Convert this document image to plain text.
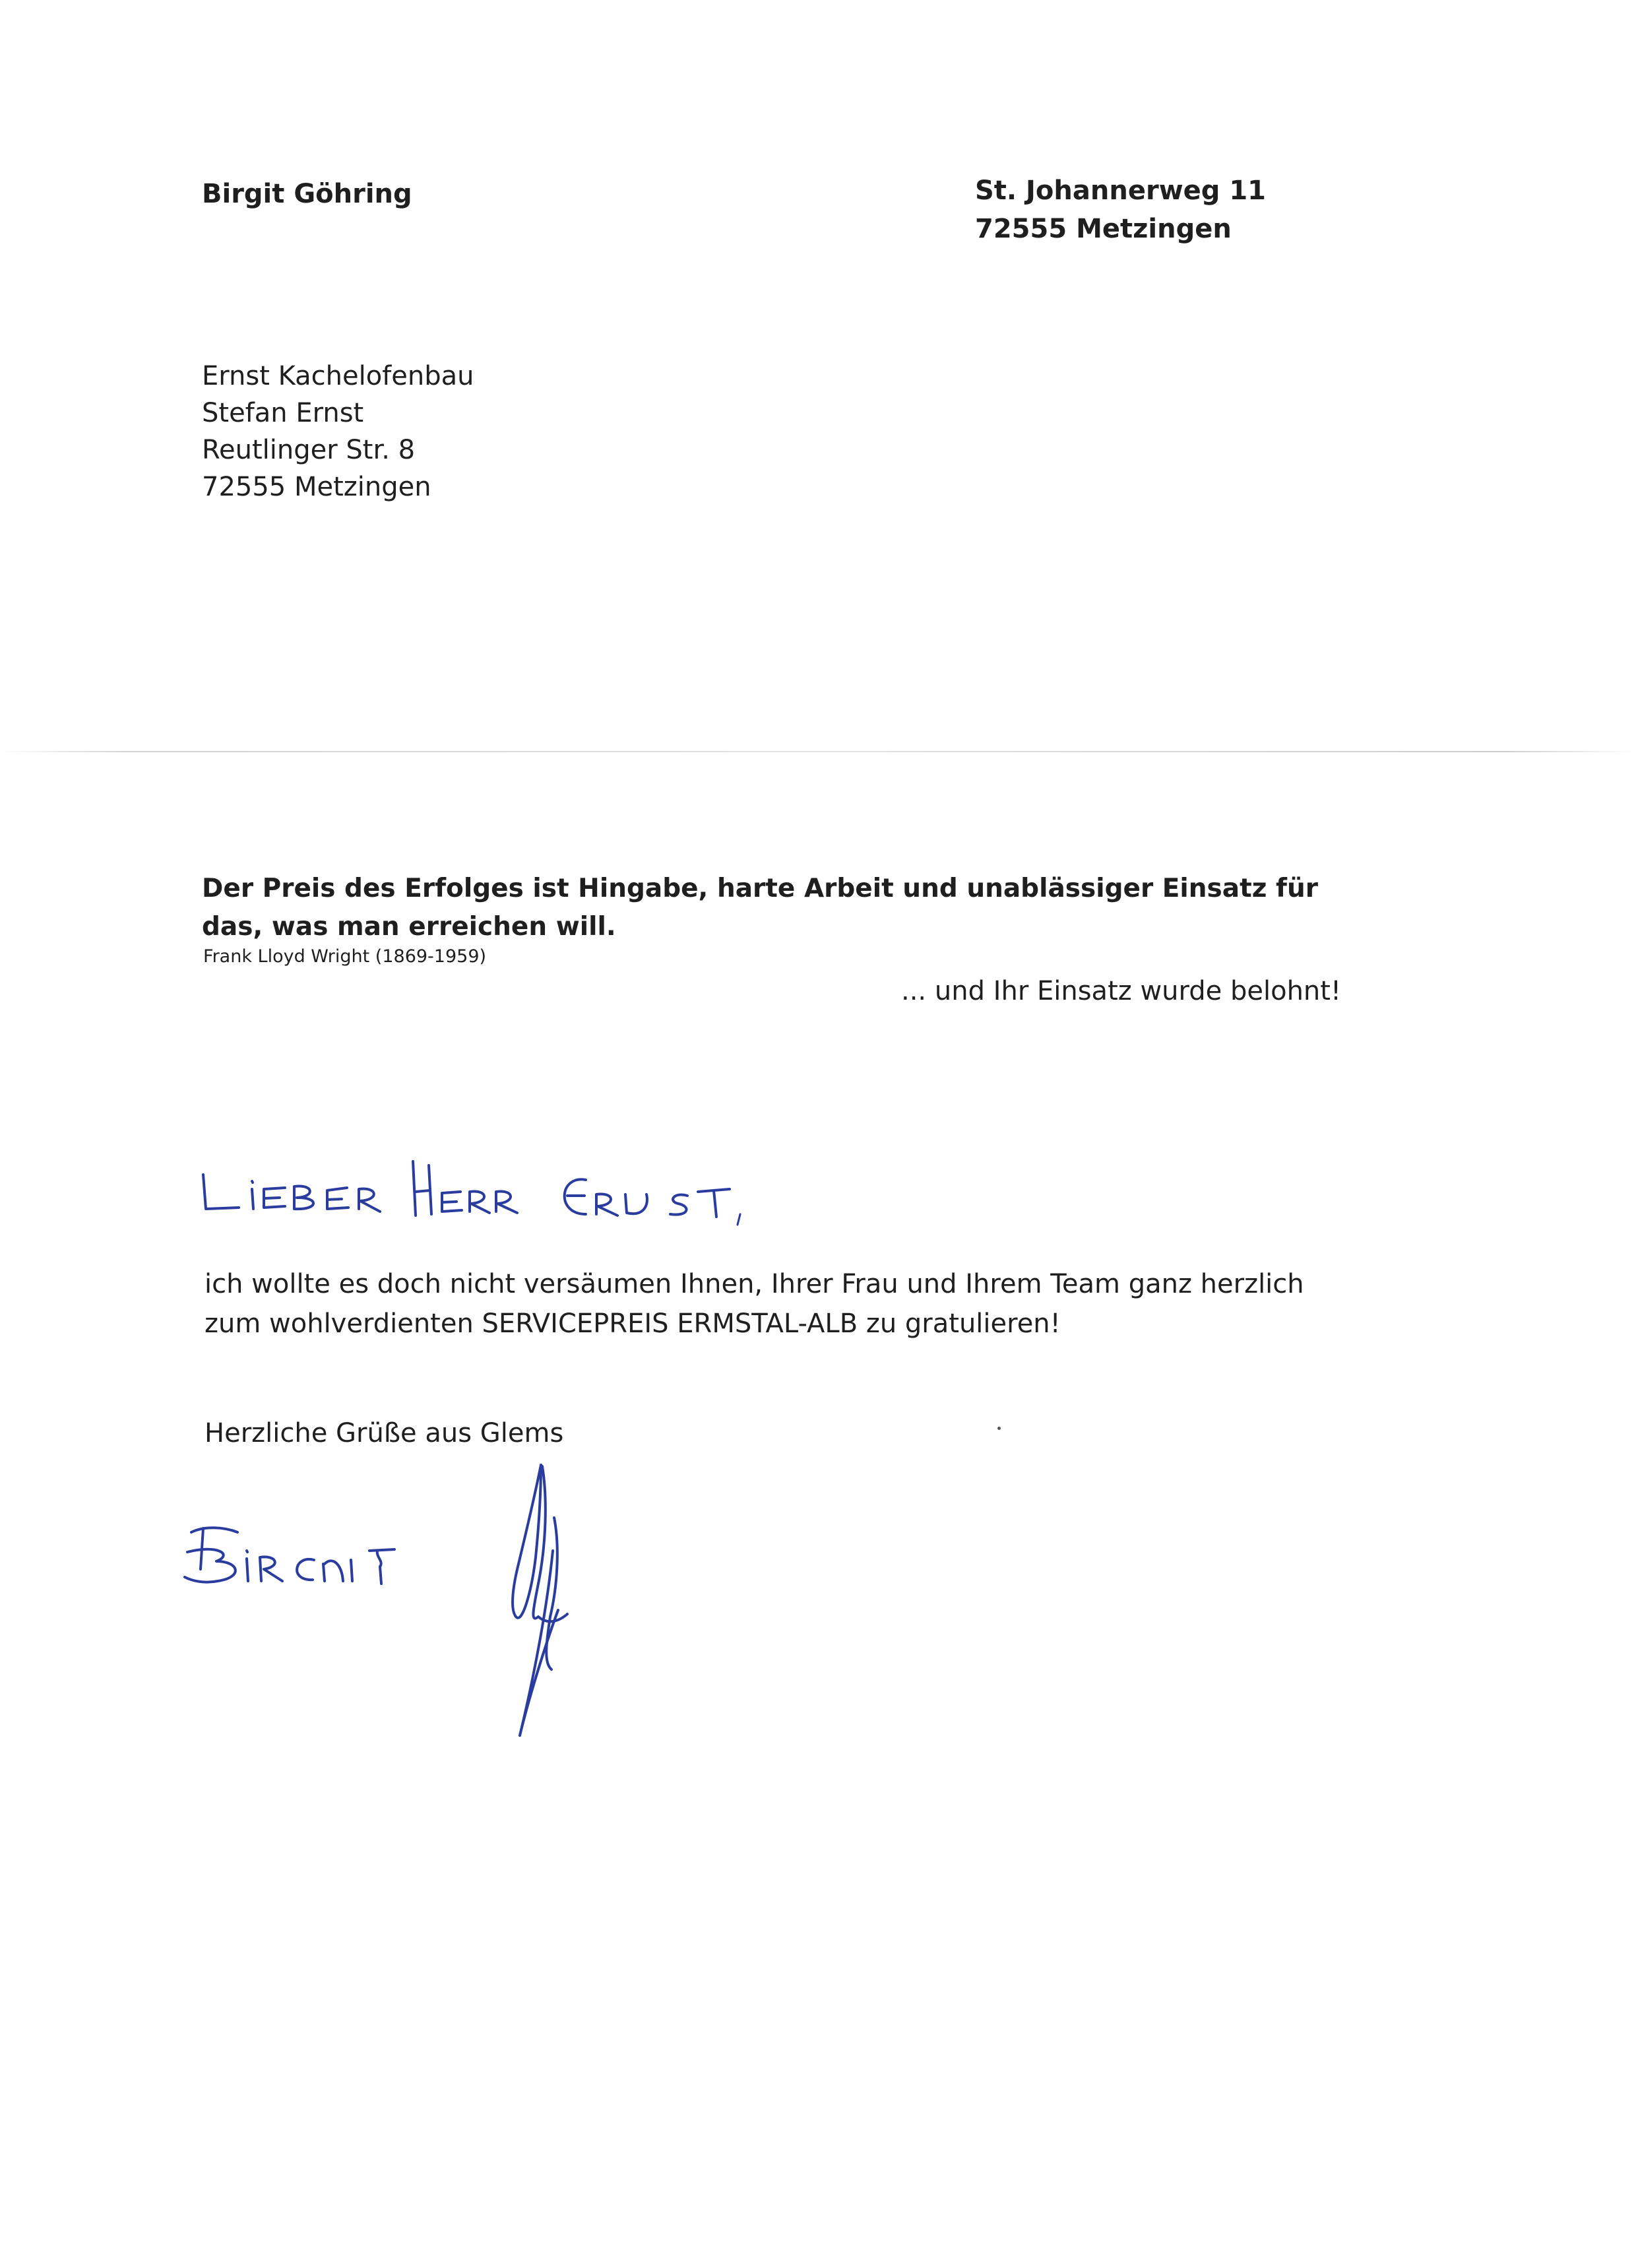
Birgit Göhring	St. Johannerweg 11
72555 Metzingen
Ernst Kachelofenbau
Stefan Ernst
Reutlinger Str. 8
72555 Metzingen
Der Preis des Erfolges ist Hingabe, harte Arbeit und unablässiger Einsatz für das, was man erreichen will.
Frank Lloyd Wright (1869-1959)
... und Ihr Einsatz wurde belohnt!
ich wollte es doch nicht versäumen Ihnen, Ihrer Frau und Ihrem Team ganz herzlich zum wohlverdienten SERVICEPREIS ERMSTAL-ALB zu gratulieren!
Herzliche Grüße aus Glems
